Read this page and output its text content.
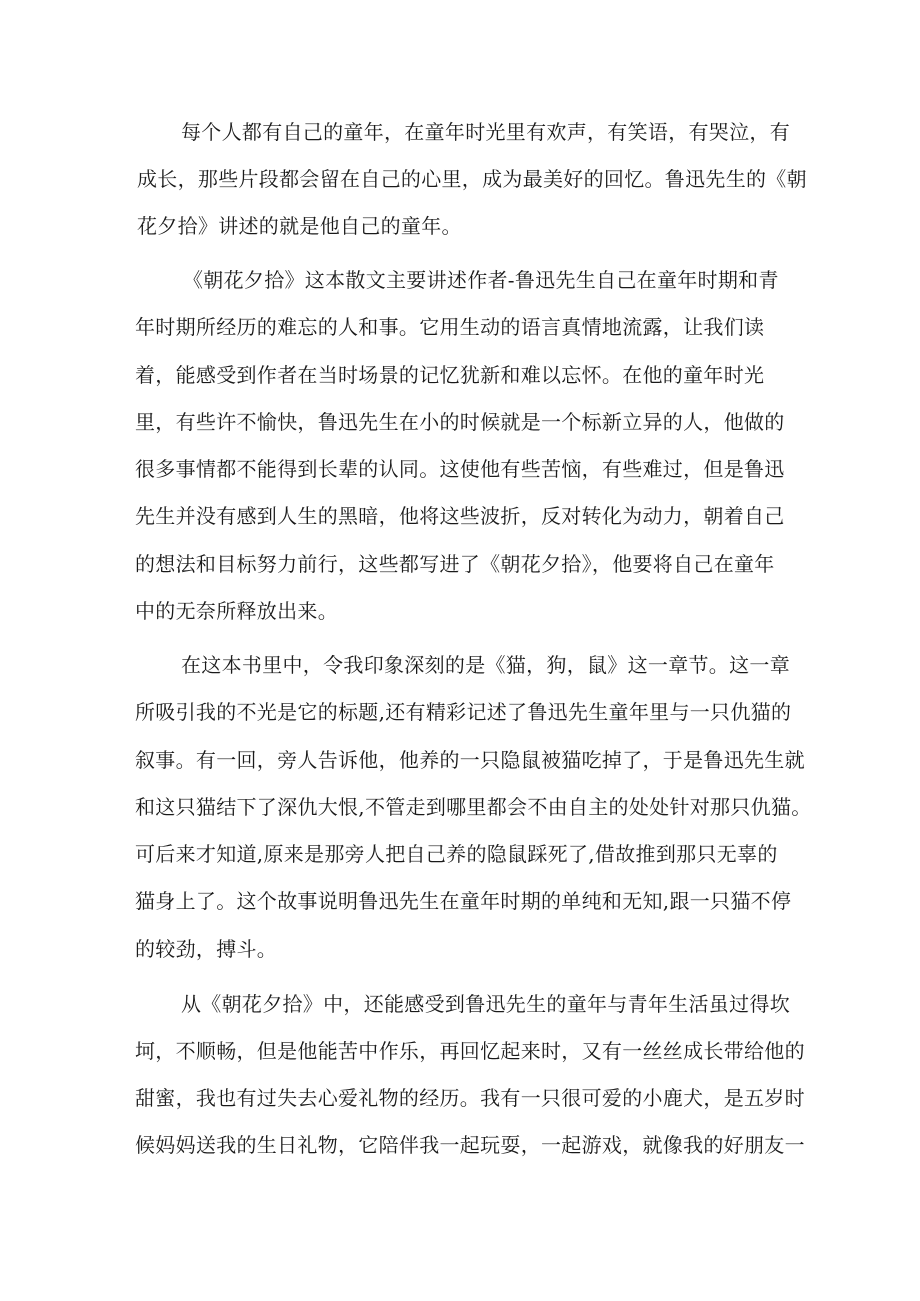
每个人都有自己的童年，在童年时光里有欢声，有笑语，有哭泣，有
成长，那些片段都会留在自己的心里，成为最美好的回忆。鲁迅先生的《朝
花夕拾》讲述的就是他自己的童年。
《朝花夕拾》这本散文主要讲述作者-鲁迅先生自己在童年时期和青
年时期所经历的难忘的人和事。它用生动的语言真情地流露，让我们读
着，能感受到作者在当时场景的记忆犹新和难以忘怀。在他的童年时光
里，有些许不愉快，鲁迅先生在小的时候就是一个标新立异的人，他做的
很多事情都不能得到长辈的认同。这使他有些苦恼，有些难过，但是鲁迅
先生并没有感到人生的黑暗，他将这些波折，反对转化为动力，朝着自己
的想法和目标努力前行，这些都写进了《朝花夕拾》，他要将自己在童年
中的无奈所释放出来。
在这本书里中，令我印象深刻的是《猫，狗，鼠》这一章节。这一章
所吸引我的不光是它的标题,还有精彩记述了鲁迅先生童年里与一只仇猫的
叙事。有一回，旁人告诉他，他养的一只隐鼠被猫吃掉了，于是鲁迅先生就
和这只猫结下了深仇大恨,不管走到哪里都会不由自主的处处针对那只仇猫。
可后来才知道,原来是那旁人把自己养的隐鼠踩死了,借故推到那只无辜的
猫身上了。这个故事说明鲁迅先生在童年时期的单纯和无知,跟一只猫不停
的较劲，搏斗。
从《朝花夕拾》中，还能感受到鲁迅先生的童年与青年生活虽过得坎
坷，不顺畅，但是他能苦中作乐，再回忆起来时，又有一丝丝成长带给他的
甜蜜，我也有过失去心爱礼物的经历。我有一只很可爱的小鹿犬，是五岁时
候妈妈送我的生日礼物，它陪伴我一起玩耍，一起游戏，就像我的好朋友一
